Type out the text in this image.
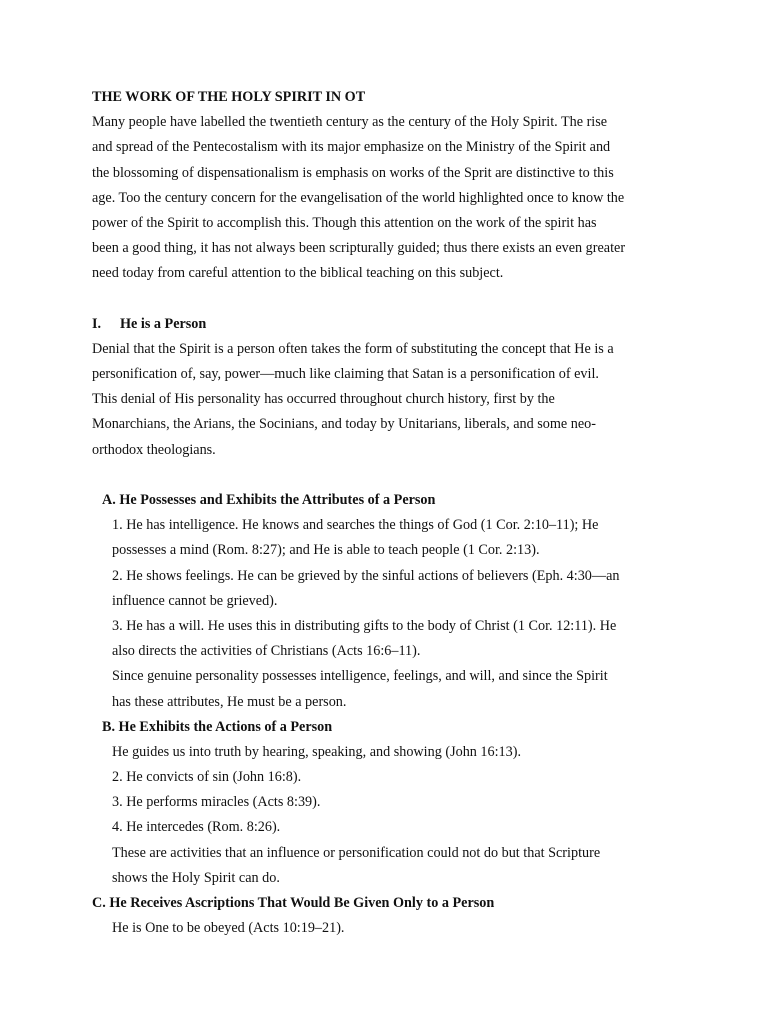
THE WORK OF THE HOLY SPIRIT IN OT
Many people have labelled the twentieth century as the century of the Holy Spirit. The rise
and spread of the Pentecostalism with its major emphasize on the Ministry of the Spirit and
the blossoming of dispensationalism is emphasis on works of the Sprit are distinctive to this
age. Too the century concern for the evangelisation of the world highlighted once to know the
power of the Spirit to accomplish this. Though this attention on the work of the spirit has
been a good thing, it has not always been scripturally guided; thus there exists an even greater
need today from careful attention to the biblical teaching on this subject.
I. He is a Person
Denial that the Spirit is a person often takes the form of substituting the concept that He is a
personification of, say, power—much like claiming that Satan is a personification of evil.
This denial of His personality has occurred throughout church history, first by the
Monarchians, the Arians, the Socinians, and today by Unitarians, liberals, and some neo-
orthodox theologians.
A. He Possesses and Exhibits the Attributes of a Person
1. He has intelligence. He knows and searches the things of God (1 Cor. 2:10–11); He
possesses a mind (Rom. 8:27); and He is able to teach people (1 Cor. 2:13).
2. He shows feelings. He can be grieved by the sinful actions of believers (Eph. 4:30—an
influence cannot be grieved).
3. He has a will. He uses this in distributing gifts to the body of Christ (1 Cor. 12:11). He
also directs the activities of Christians (Acts 16:6–11).
Since genuine personality possesses intelligence, feelings, and will, and since the Spirit
has these attributes, He must be a person.
B. He Exhibits the Actions of a Person
He guides us into truth by hearing, speaking, and showing (John 16:13).
2. He convicts of sin (John 16:8).
3. He performs miracles (Acts 8:39).
4. He intercedes (Rom. 8:26).
These are activities that an influence or personification could not do but that Scripture
shows the Holy Spirit can do.
C. He Receives Ascriptions That Would Be Given Only to a Person
He is One to be obeyed (Acts 10:19–21).
